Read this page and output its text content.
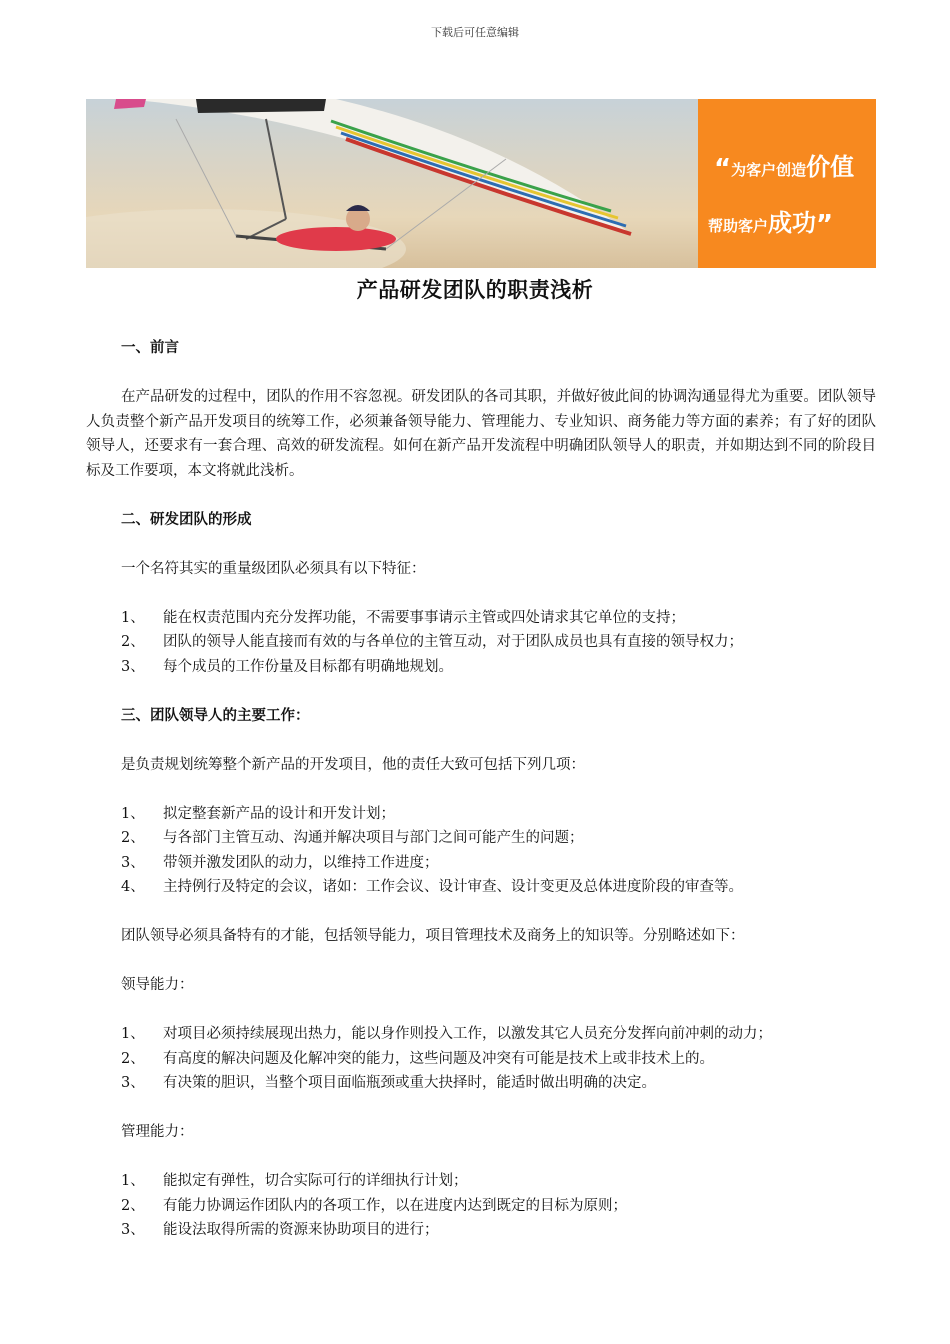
下载后可任意编辑
“为客户创造价值
帮助客户成功”
产品研发团队的职责浅析

一、前言

在产品研发的过程中，团队的作用不容忽视。研发团队的各司其职，并做好彼此间的协调沟通显得尤为重要。团队领导人负责整个新产品开发项目的统筹工作，必须兼备领导能力、管理能力、专业知识、商务能力等方面的素养；有了好的团队领导人，还要求有一套合理、高效的研发流程。如何在新产品开发流程中明确团队领导人的职责，并如期达到不同的阶段目标及工作要项，本文将就此浅析。

二、研发团队的形成

一个名符其实的重量级团队必须具有以下特征：

1、	能在权责范围内充分发挥功能，不需要事事请示主管或四处请求其它单位的支持；
2、	团队的领导人能直接而有效的与各单位的主管互动，对于团队成员也具有直接的领导权力；
3、	每个成员的工作份量及目标都有明确地规划。

三、团队领导人的主要工作：

是负责规划统筹整个新产品的开发项目，他的责任大致可包括下列几项：

1、	拟定整套新产品的设计和开发计划；
2、	与各部门主管互动、沟通并解决项目与部门之间可能产生的问题；
3、	带领并激发团队的动力，以维持工作进度；
4、	主持例行及特定的会议，诸如：工作会议、设计审查、设计变更及总体进度阶段的审查等。

团队领导必须具备特有的才能，包括领导能力，项目管理技术及商务上的知识等。分别略述如下：

领导能力：

1、	对项目必须持续展现出热力，能以身作则投入工作，以激发其它人员充分发挥向前冲刺的动力；
2、	有高度的解决问题及化解冲突的能力，这些问题及冲突有可能是技术上或非技术上的。
3、	有决策的胆识，当整个项目面临瓶颈或重大抉择时，能适时做出明确的决定。

管理能力：

1、	能拟定有弹性，切合实际可行的详细执行计划；
2、	有能力协调运作团队内的各项工作，以在进度内达到既定的目标为原则；
3、	能设法取得所需的资源来协助项目的进行；
